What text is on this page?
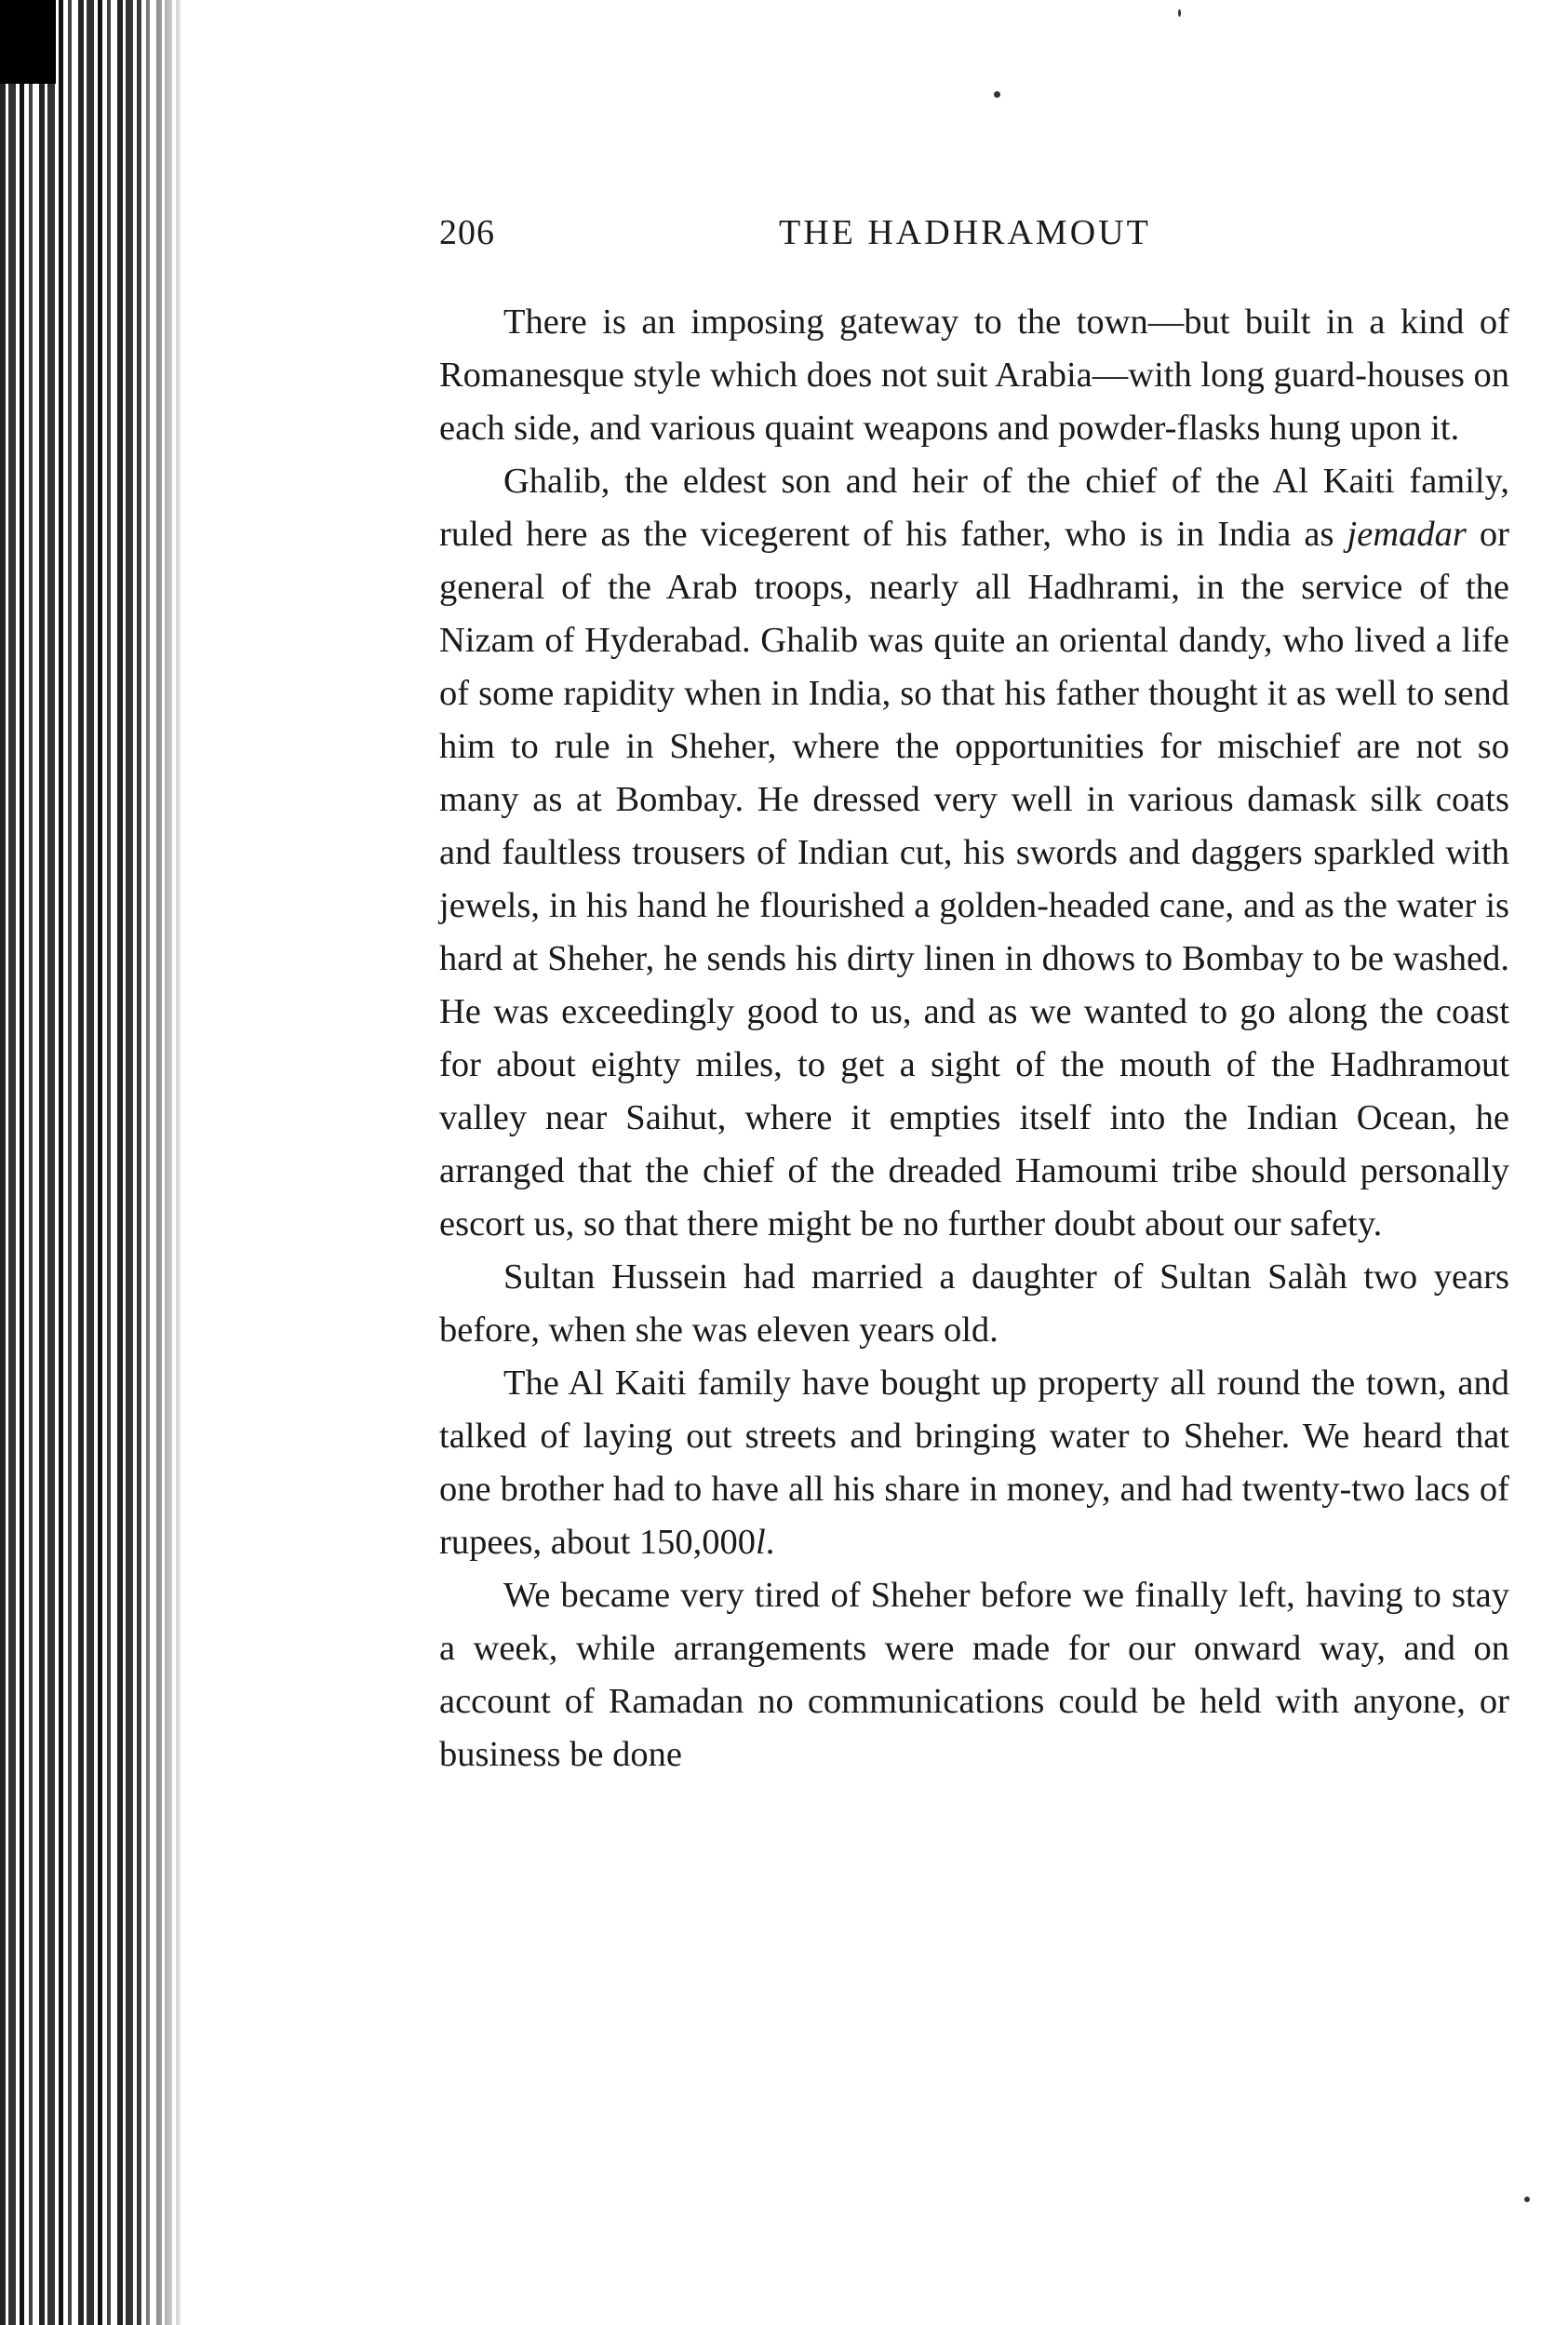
206	THE HADHRAMOUT

There is an imposing gateway to the town—but built in a kind of Romanesque style which does not suit Arabia—with long guard-houses on each side, and various quaint weapons and powder-flasks hung upon it.

Ghalib, the eldest son and heir of the chief of the Al Kaiti family, ruled here as the vicegerent of his father, who is in India as jemadar or general of the Arab troops, nearly all Hadhrami, in the service of the Nizam of Hyderabad. Ghalib was quite an oriental dandy, who lived a life of some rapidity when in India, so that his father thought it as well to send him to rule in Sheher, where the opportunities for mischief are not so many as at Bombay. He dressed very well in various damask silk coats and faultless trousers of Indian cut, his swords and daggers sparkled with jewels, in his hand he flourished a golden-headed cane, and as the water is hard at Sheher, he sends his dirty linen in dhows to Bombay to be washed. He was exceedingly good to us, and as we wanted to go along the coast for about eighty miles, to get a sight of the mouth of the Hadhramout valley near Saihut, where it empties itself into the Indian Ocean, he arranged that the chief of the dreaded Hamoumi tribe should personally escort us, so that there might be no further doubt about our safety.

Sultan Hussein had married a daughter of Sultan Salàh two years before, when she was eleven years old.

The Al Kaiti family have bought up property all round the town, and talked of laying out streets and bringing water to Sheher. We heard that one brother had to have all his share in money, and had twenty-two lacs of rupees, about 150,000l.

We became very tired of Sheher before we finally left, having to stay a week, while arrangements were made for our onward way, and on account of Ramadan no communications could be held with anyone, or business be done
